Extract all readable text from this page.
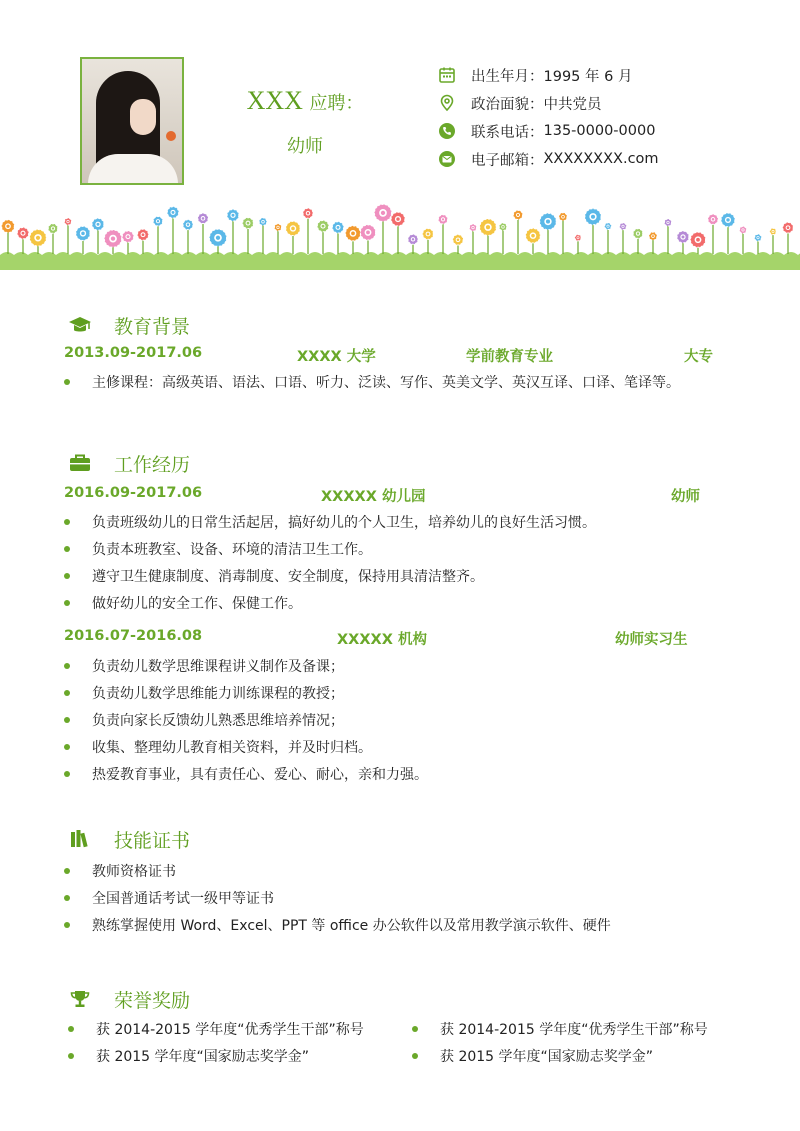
XXX 应聘：
幼师
出生年月： 1995 年 6 月
政治面貌： 中共党员
联系电话： 135-0000-0000
电子邮箱： XXXXXXXX.com
教育背景
2013.09-2017.06	XXXX 大学	学前教育专业	大专
主修课程：高级英语、语法、口语、听力、泛读、写作、英美文学、英汉互译、口译、笔译等。
工作经历
2016.09-2017.06	XXXXX 幼儿园	幼师
负责班级幼儿的日常生活起居，搞好幼儿的个人卫生，培养幼儿的良好生活习惯。
负责本班教室、设备、环境的清洁卫生工作。
遵守卫生健康制度、消毒制度、安全制度，保持用具清洁整齐。
做好幼儿的安全工作、保健工作。
2016.07-2016.08	XXXXX 机构	幼师实习生
负责幼儿数学思维课程讲义制作及备课；
负责幼儿数学思维能力训练课程的教授；
负责向家长反馈幼儿熟悉思维培养情况；
收集、整理幼儿教育相关资料，并及时归档。
热爱教育事业，具有责任心、爱心、耐心，亲和力强。
技能证书
教师资格证书
全国普通话考试一级甲等证书
熟练掌握使用 Word、Excel、PPT 等 office 办公软件以及常用教学演示软件、硬件
荣誉奖励
获 2014-2015 学年度“优秀学生干部”称号	获 2014-2015 学年度“优秀学生干部”称号
获 2015 学年度“国家励志奖学金”	获 2015 学年度“国家励志奖学金”
